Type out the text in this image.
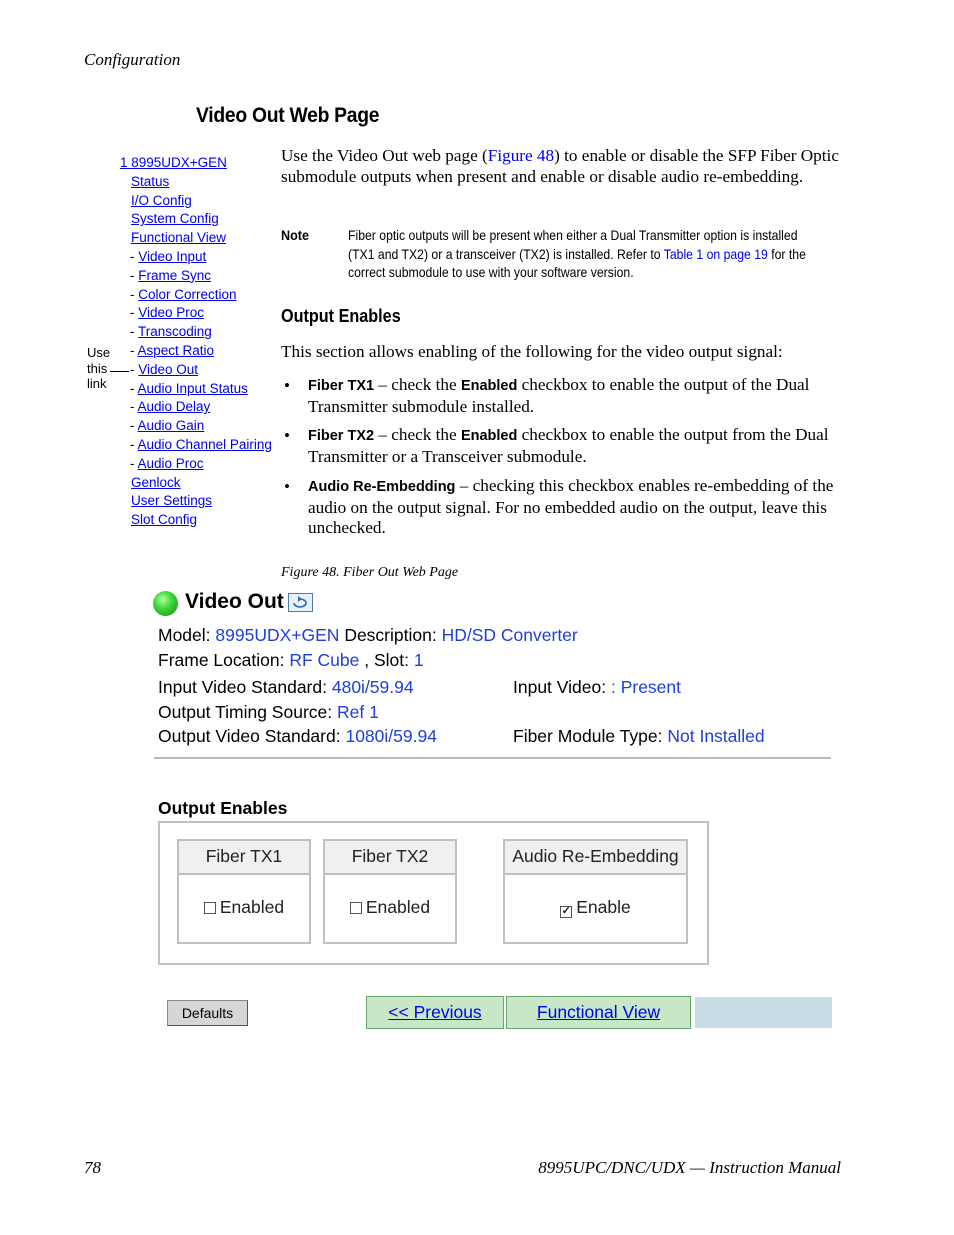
Configuration
Video Out Web Page
1 8995UDX+GEN
Status
I/O Config
System Config
Functional View
- Video Input
- Frame Sync
- Color Correction
- Video Proc
- Transcoding
- Aspect Ratio
- Video Out
- Audio Input Status
- Audio Delay
- Audio Gain
- Audio Channel Pairing
- Audio Proc
Genlock
User Settings
Slot Config
Use
this
link
Use the Video Out web page (Figure 48) to enable or disable the SFP Fiber Optic submodule outputs when present and enable or disable audio re-embedding.
Note	Fiber optic outputs will be present when either a Dual Transmitter option is installed (TX1 and TX2) or a transceiver (TX2) is installed. Refer to Table 1 on page 19 for the correct submodule to use with your software version.
Output Enables
This section allows enabling of the following for the video output signal:
• Fiber TX1 – check the Enabled checkbox to enable the output of the Dual Transmitter submodule installed.
• Fiber TX2 – check the Enabled checkbox to enable the output from the Dual Transmitter or a Transceiver submodule.
• Audio Re-Embedding – checking this checkbox enables re-embedding of the audio on the output signal. For no embedded audio on the output, leave this unchecked.
Figure 48. Fiber Out Web Page
Video Out
Model: 8995UDX+GEN Description: HD/SD Converter
Frame Location: RF Cube , Slot: 1
Input Video Standard: 480i/59.94	Input Video: : Present
Output Timing Source: Ref 1
Output Video Standard: 1080i/59.94	Fiber Module Type: Not Installed
Output Enables
Fiber TX1
Enabled
Fiber TX2
Enabled
Audio Re-Embedding
✓ Enable
Defaults	<< Previous	Functional View
78	8995UPC/DNC/UDX — Instruction Manual
